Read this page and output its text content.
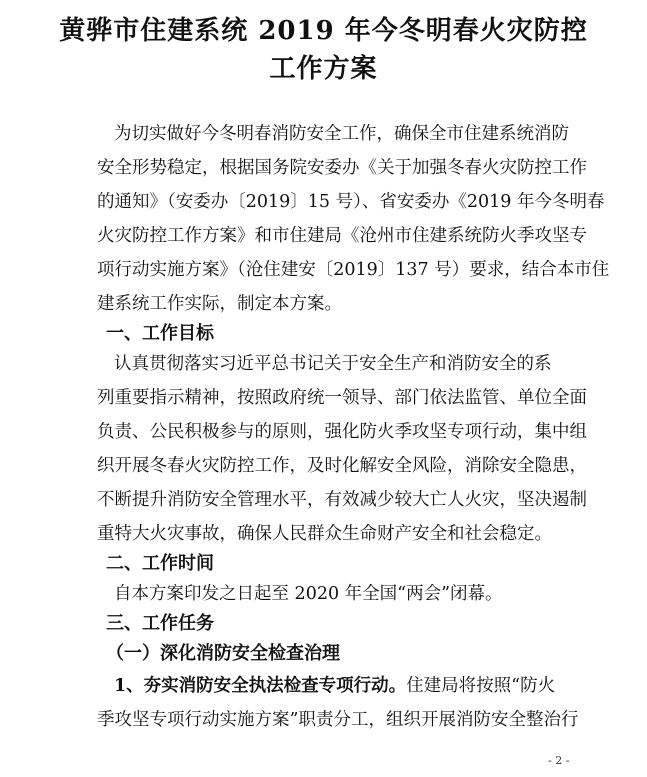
黄骅市住建系统 2019 年今冬明春火灾防控
工作方案
为切实做好今冬明春消防安全工作，确保全市住建系统消防
安全形势稳定，根据国务院安委办《关于加强冬春火灾防控工作
的通知》（安委办〔2019〕15 号）、省安委办《2019 年今冬明春
火灾防控工作方案》和市住建局《沧州市住建系统防火季攻坚专
项行动实施方案》（沧住建安〔2019〕137 号）要求，结合本市住
建系统工作实际，制定本方案。
一、工作目标
认真贯彻落实习近平总书记关于安全生产和消防安全的系
列重要指示精神，按照政府统一领导、部门依法监管、单位全面
负责、公民积极参与的原则，强化防火季攻坚专项行动，集中组
织开展冬春火灾防控工作，及时化解安全风险，消除安全隐患，
不断提升消防安全管理水平，有效减少较大亡人火灾，坚决遏制
重特大火灾事故，确保人民群众生命财产安全和社会稳定。
二、工作时间
自本方案印发之日起至 2020 年全国“两会”闭幕。
三、工作任务
（一）深化消防安全检查治理
1、夯实消防安全执法检查专项行动。住建局将按照“防火
季攻坚专项行动实施方案”职责分工，组织开展消防安全整治行
- 2 -
